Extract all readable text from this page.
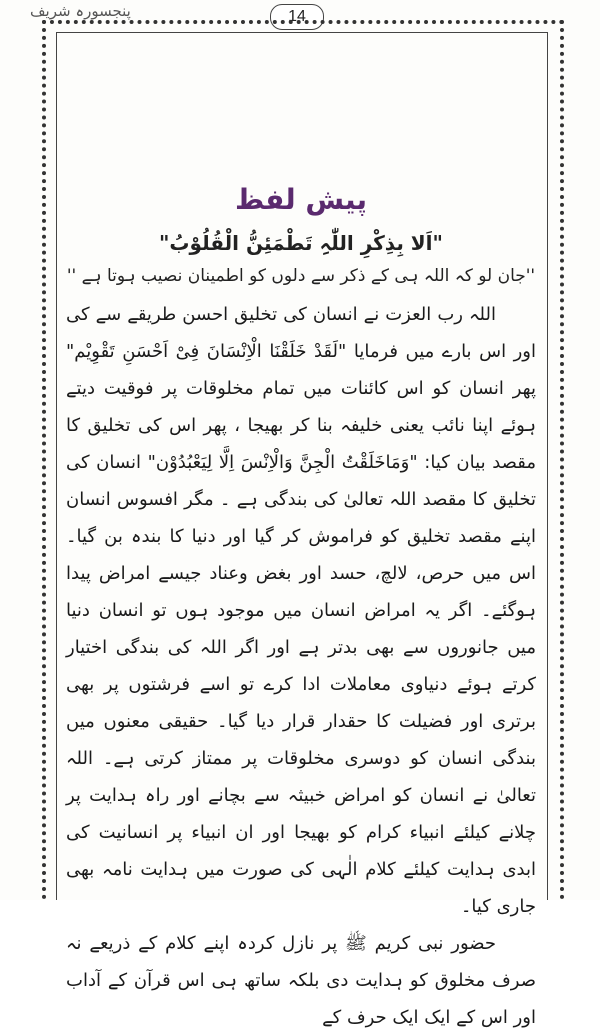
پنجسورہ شریف	14
پیش لفظ
"اَلا بِذِکْرِ اللّٰہِ تَطْمَئِنُّ الْقُلُوْبُ"
''جان لو کہ اللہ ہی کے ذکر سے دلوں کو اطمینان نصیب ہوتا ہے ''

اللہ رب العزت نے انسان کی تخلیق احسن طریقے سے کی اور اس بارے میں فرمایا "لَقَدْ خَلَقْنَا الْاِنْسَانَ فِیْ اَحْسَنِ تَقْوِیْم" پھر انسان کو اس کائنات میں تمام مخلوقات پر فوقیت دیتے ہوئے اپنا نائب یعنی خلیفہ بنا کر بھیجا ، پھر اس کی تخلیق کا مقصد بیان کیا: "وَمَاخَلَقْتُ الْجِنَّ وَالْاِنْسَ اِلَّا لِیَعْبُدُوْن" انسان کی تخلیق کا مقصد اللہ تعالیٰ کی بندگی ہے ۔ مگر افسوس انسان اپنے مقصد تخلیق کو فراموش کر گیا اور دنیا کا بندہ بن گیا۔ اس میں حرص، لالچ، حسد اور بغض وعناد جیسے امراض پیدا ہوگئے۔ اگر یہ امراض انسان میں موجود ہوں تو انسان دنیا میں جانوروں سے بھی بدتر ہے اور اگر اللہ کی بندگی اختیار کرتے ہوئے دنیاوی معاملات ادا کرے تو اسے فرشتوں پر بھی برتری اور فضیلت کا حقدار قرار دیا گیا۔ حقیقی معنوں میں بندگی انسان کو دوسری مخلوقات پر ممتاز کرتی ہے۔ اللہ تعالیٰ نے انسان کو امراض خبیثہ سے بچانے اور راہ ہدایت پر چلانے کیلئے انبیاء کرام کو بھیجا اور ان انبیاء پر انسانیت کی ابدی ہدایت کیلئے کلام الٰہی کی صورت میں ہدایت نامہ بھی جاری کیا۔

حضور نبی کریم ﷺ پر نازل کردہ اپنے کلام کے ذریعے نہ صرف مخلوق کو ہدایت دی بلکہ ساتھ ہی اس قرآن کے آداب اور اس کے ایک ایک حرف کے
